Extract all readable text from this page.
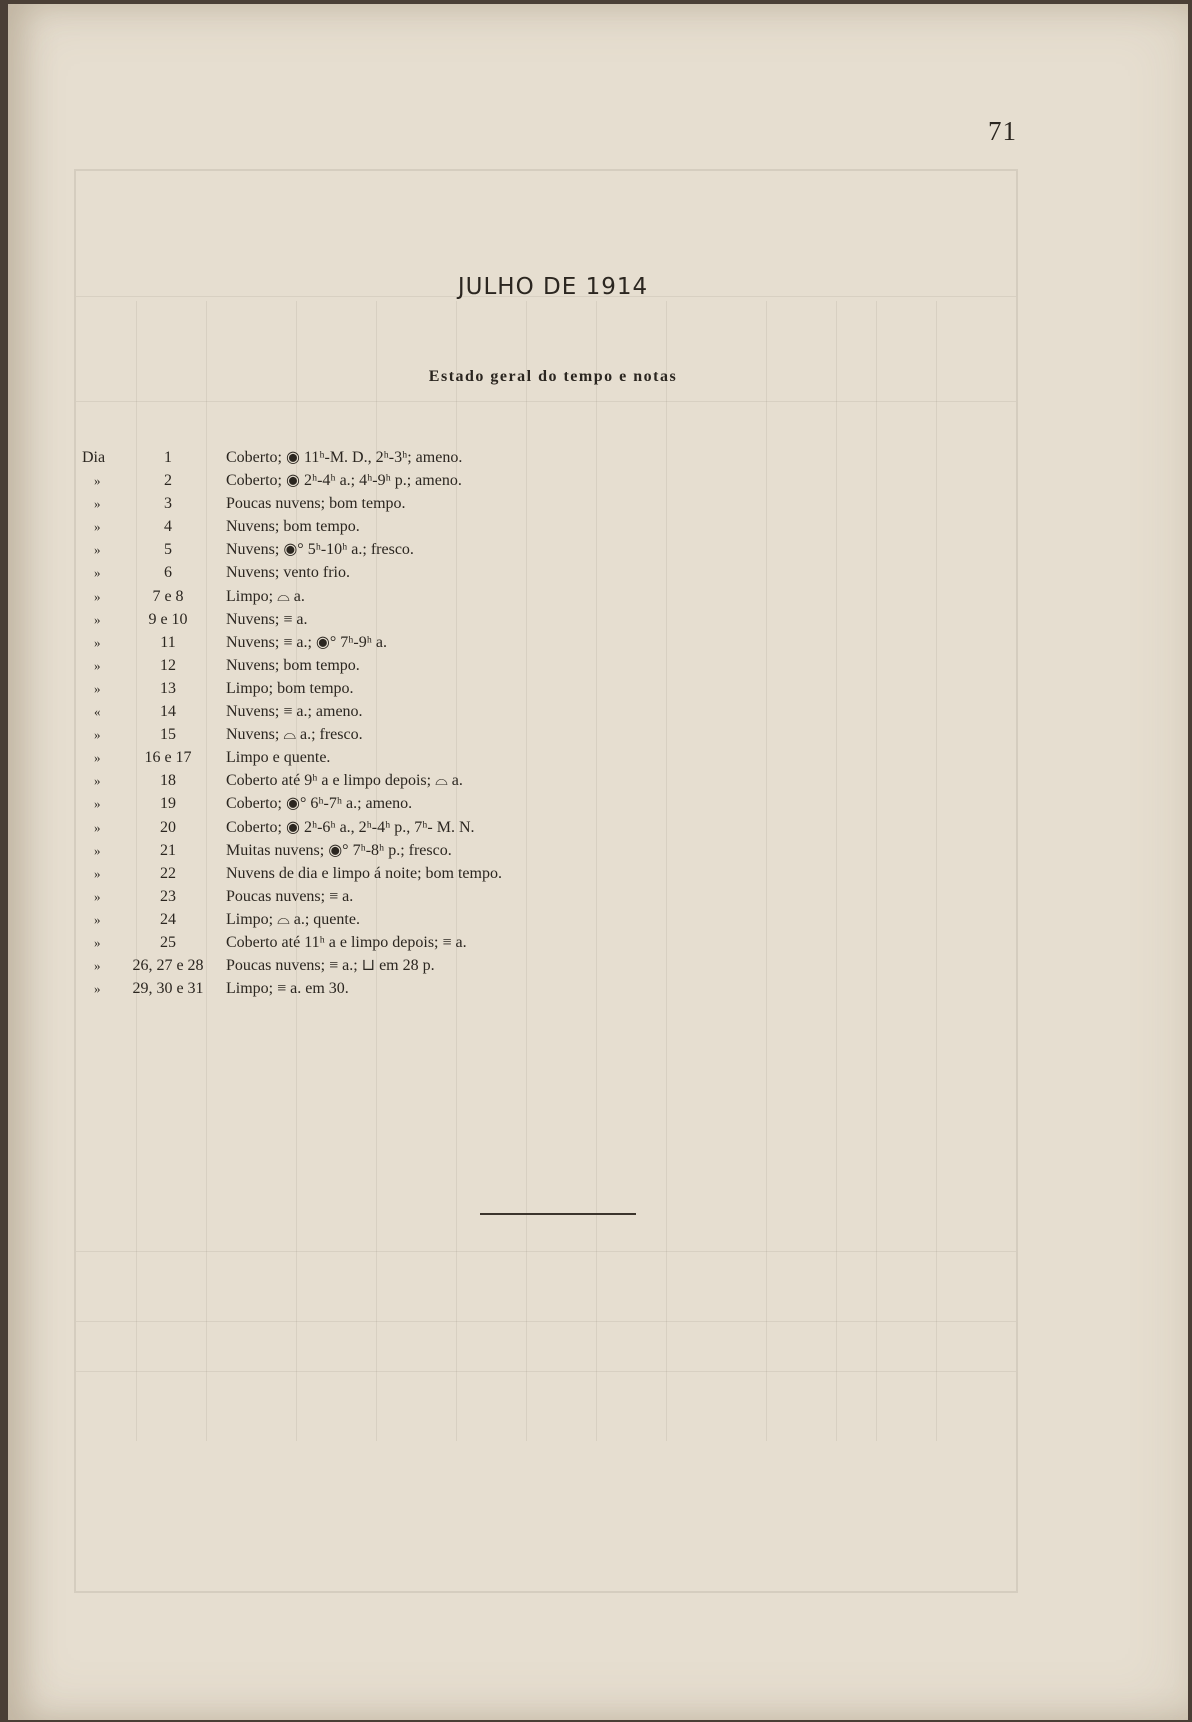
71
JULHO DE 1914
Estado geral do tempo e notas
Dia	1	Coberto; ◉ 11ʰ-M. D., 2ʰ-3ʰ; ameno.
»	2	Coberto; ◉ 2ʰ-4ʰ a.; 4ʰ-9ʰ p.; ameno.
»	3	Poucas nuvens; bom tempo.
»	4	Nuvens; bom tempo.
»	5	Nuvens; ◉° 5ʰ-10ʰ a.; fresco.
»	6	Nuvens; vento frio.
»	7 e 8	Limpo; ⌓ a.
»	9 e 10	Nuvens; ≡ a.
»	11	Nuvens; ≡ a.; ◉° 7ʰ-9ʰ a.
»	12	Nuvens; bom tempo.
»	13	Limpo; bom tempo.
«	14	Nuvens; ≡ a.; ameno.
»	15	Nuvens; ⌓ a.; fresco.
»	16 e 17	Limpo e quente.
»	18	Coberto até 9ʰ a e limpo depois; ⌓ a.
»	19	Coberto; ◉° 6ʰ-7ʰ a.; ameno.
»	20	Coberto; ◉ 2ʰ-6ʰ a., 2ʰ-4ʰ p., 7ʰ- M. N.
»	21	Muitas nuvens; ◉° 7ʰ-8ʰ p.; fresco.
»	22	Nuvens de dia e limpo á noite; bom tempo.
»	23	Poucas nuvens; ≡ a.
»	24	Limpo; ⌓ a.; quente.
»	25	Coberto até 11ʰ a e limpo depois; ≡ a.
»	26, 27 e 28	Poucas nuvens; ≡ a.; ⊔ em 28 p.
»	29, 30 e 31	Limpo; ≡ a. em 30.
